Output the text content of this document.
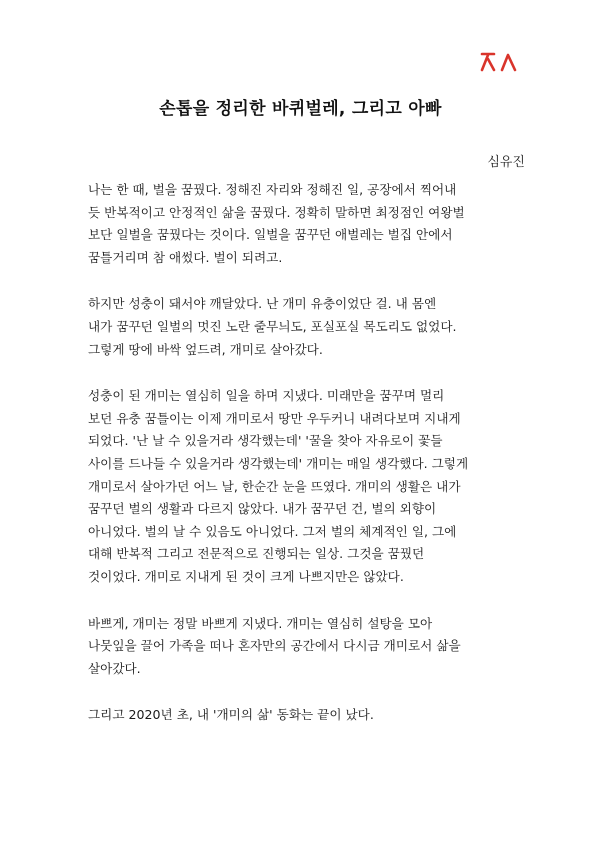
손톱을 정리한 바퀴벌레, 그리고 아빠
심유진
나는 한 때, 벌을 꿈꿨다. 정해진 자리와 정해진 일, 공장에서 찍어내
듯 반복적이고 안정적인 삶을 꿈꿨다. 정확히 말하면 최정점인 여왕벌
보단 일벌을 꿈꿨다는 것이다. 일벌을 꿈꾸던 애벌레는 벌집 안에서
꿈틀거리며 참 애썼다. 벌이 되려고.
하지만 성충이 돼서야 깨달았다. 난 개미 유충이었단 걸. 내 몸엔
내가 꿈꾸던 일벌의 멋진 노란 줄무늬도, 포실포실 목도리도 없었다.
그렇게 땅에 바싹 엎드려, 개미로 살아갔다.
성충이 된 개미는 열심히 일을 하며 지냈다. 미래만을 꿈꾸며 멀리
보던 유충 꿈틀이는 이제 개미로서 땅만 우두커니 내려다보며 지내게
되었다. '난 날 수 있을거라 생각했는데' '꿀을 찾아 자유로이 꽃들
사이를 드나들 수 있을거라 생각했는데' 개미는 매일 생각했다. 그렇게
개미로서 살아가던 어느 날, 한순간 눈을 뜨였다. 개미의 생활은 내가
꿈꾸던 벌의 생활과 다르지 않았다. 내가 꿈꾸던 건, 벌의 외향이
아니었다. 벌의 날 수 있음도 아니었다. 그저 벌의 체계적인 일, 그에
대해 반복적 그리고 전문적으로 진행되는 일상. 그것을 꿈꿨던
것이었다. 개미로 지내게 된 것이 크게 나쁘지만은 않았다.
바쁘게, 개미는 정말 바쁘게 지냈다. 개미는 열심히 설탕을 모아
나뭇잎을 끌어 가족을 떠나 혼자만의 공간에서 다시금 개미로서 삶을
살아갔다.
그리고 2020년 초, 내 '개미의 삶' 동화는 끝이 났다.
